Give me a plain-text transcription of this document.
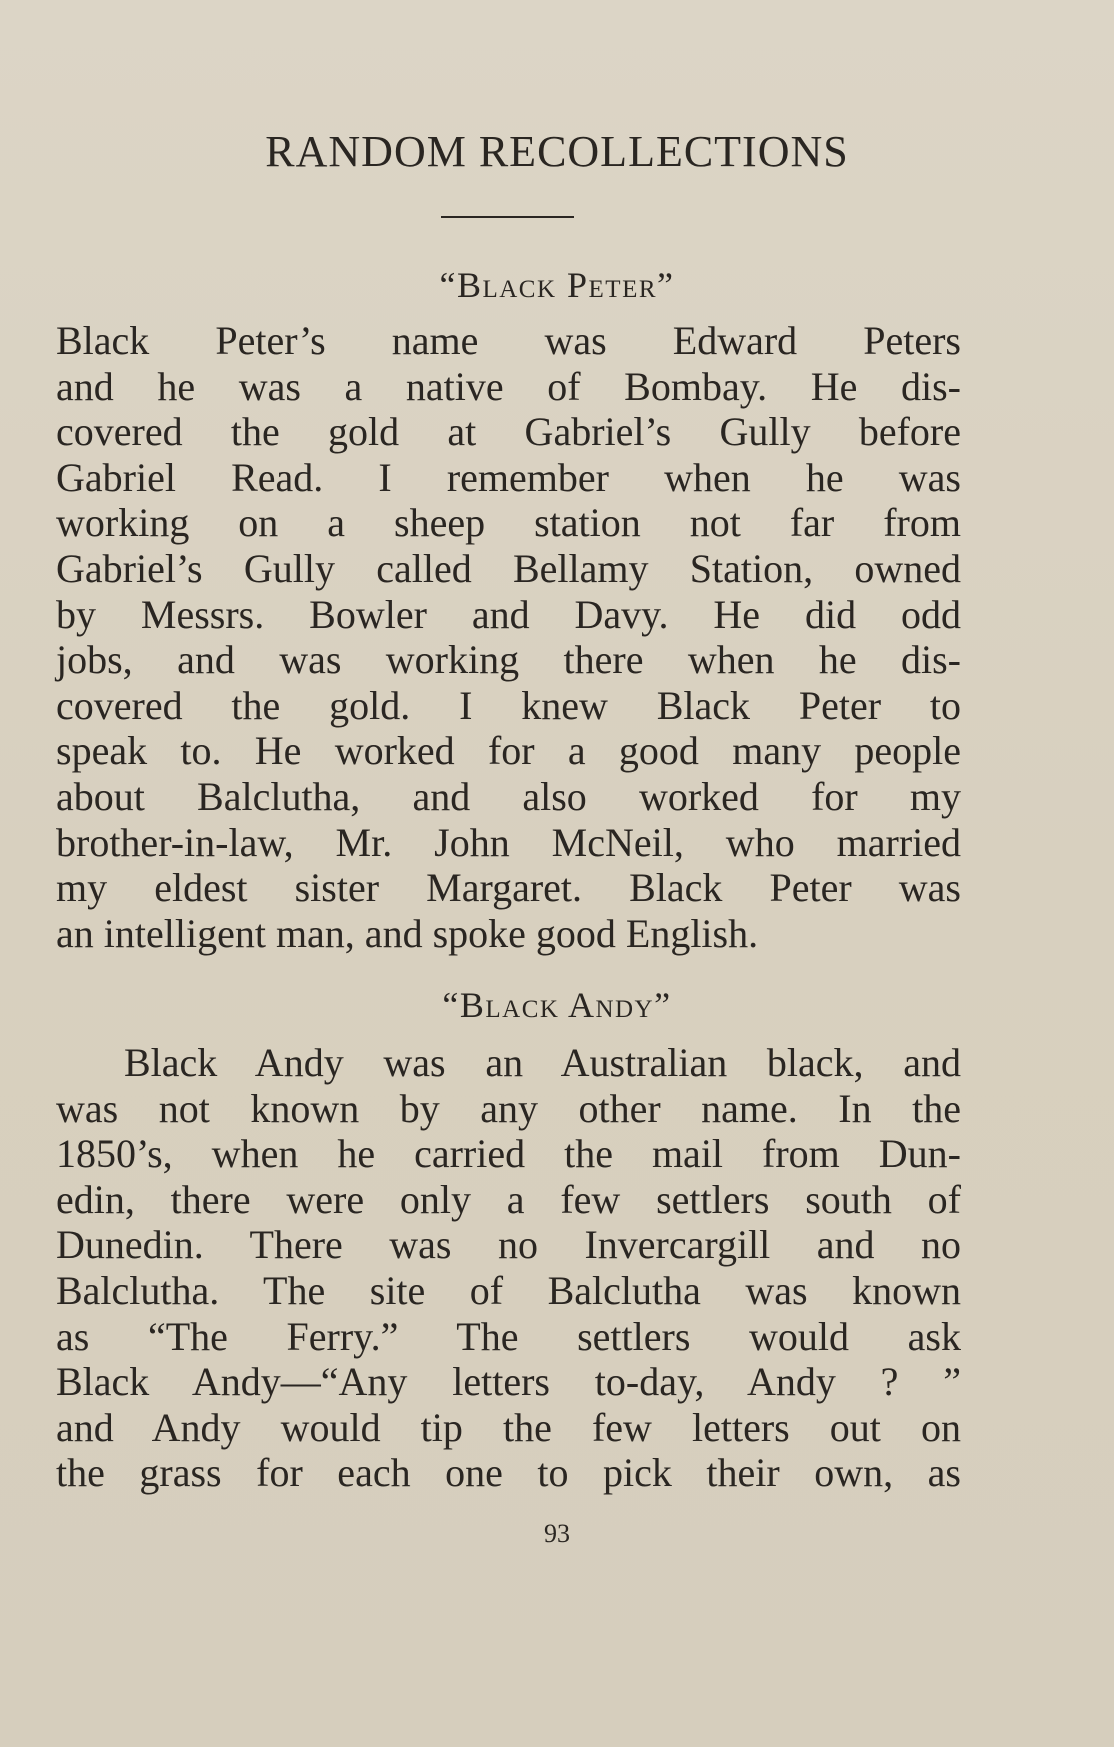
RANDOM RECOLLECTIONS
“Black Peter”
Black Peter’s name was Edward Peters
and he was a native of Bombay. He dis-
covered the gold at Gabriel’s Gully before
Gabriel Read. I remember when he was
working on a sheep station not far from
Gabriel’s Gully called Bellamy Station, owned
by Messrs. Bowler and Davy. He did odd
jobs, and was working there when he dis-
covered the gold. I knew Black Peter to
speak to. He worked for a good many people
about Balclutha, and also worked for my
brother-in-law, Mr. John McNeil, who married
my eldest sister Margaret. Black Peter was
an intelligent man, and spoke good English.
“Black Andy”
Black Andy was an Australian black, and
was not known by any other name. In the
1850’s, when he carried the mail from Dun-
edin, there were only a few settlers south of
Dunedin. There was no Invercargill and no
Balclutha. The site of Balclutha was known
as “The Ferry.” The settlers would ask
Black Andy—“Any letters to-day, Andy ? ”
and Andy would tip the few letters out on
the grass for each one to pick their own, as
93
